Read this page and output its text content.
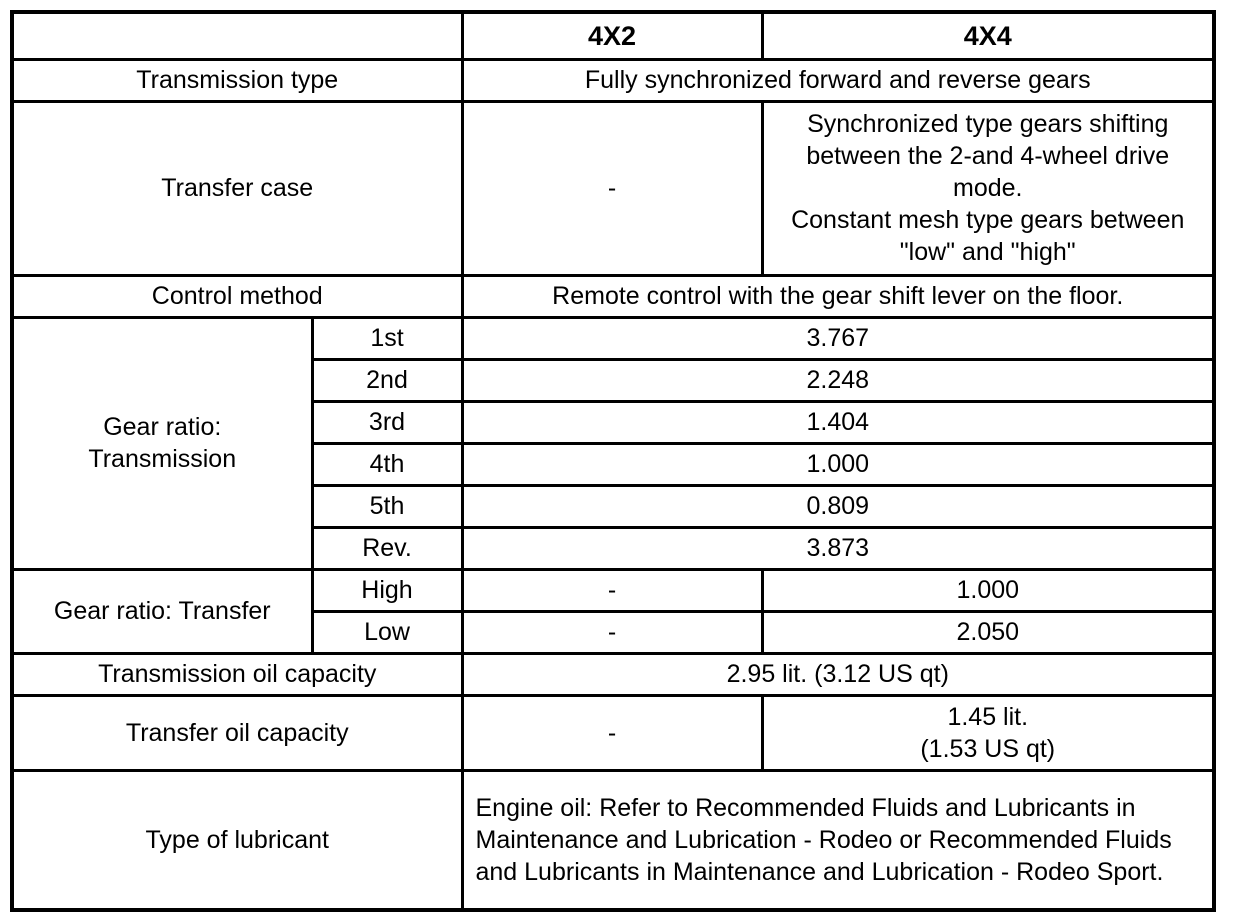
		4X2	4X4
Transmission type		Fully synchronized forward and reverse gears	
Transfer case		-	Synchronized type gears shifting between the 2-and 4-wheel drive mode.
Constant mesh type gears between "low" and "high"

Control method		Remote control with the gear shift lever on the floor.	

Gear ratio:
Transmission	1st	3.767	
	2nd	2.248	
	3rd	1.404	
	4th	1.000	
	5th	0.809	
	Rev.	3.873	
Gear ratio: Transfer	High	-	1.000
	Low	-	2.050
Transmission oil capacity		2.95 lit. (3.12 US qt)	
Transfer oil capacity		-	1.45 lit.
(1.53 US qt)

Type of lubricant		Engine oil: Refer to Recommended Fluids and Lubricants in Maintenance and Lubrication - Rodeo or Recommended Fluids and Lubricants in Maintenance and Lubrication - Rodeo Sport.	
